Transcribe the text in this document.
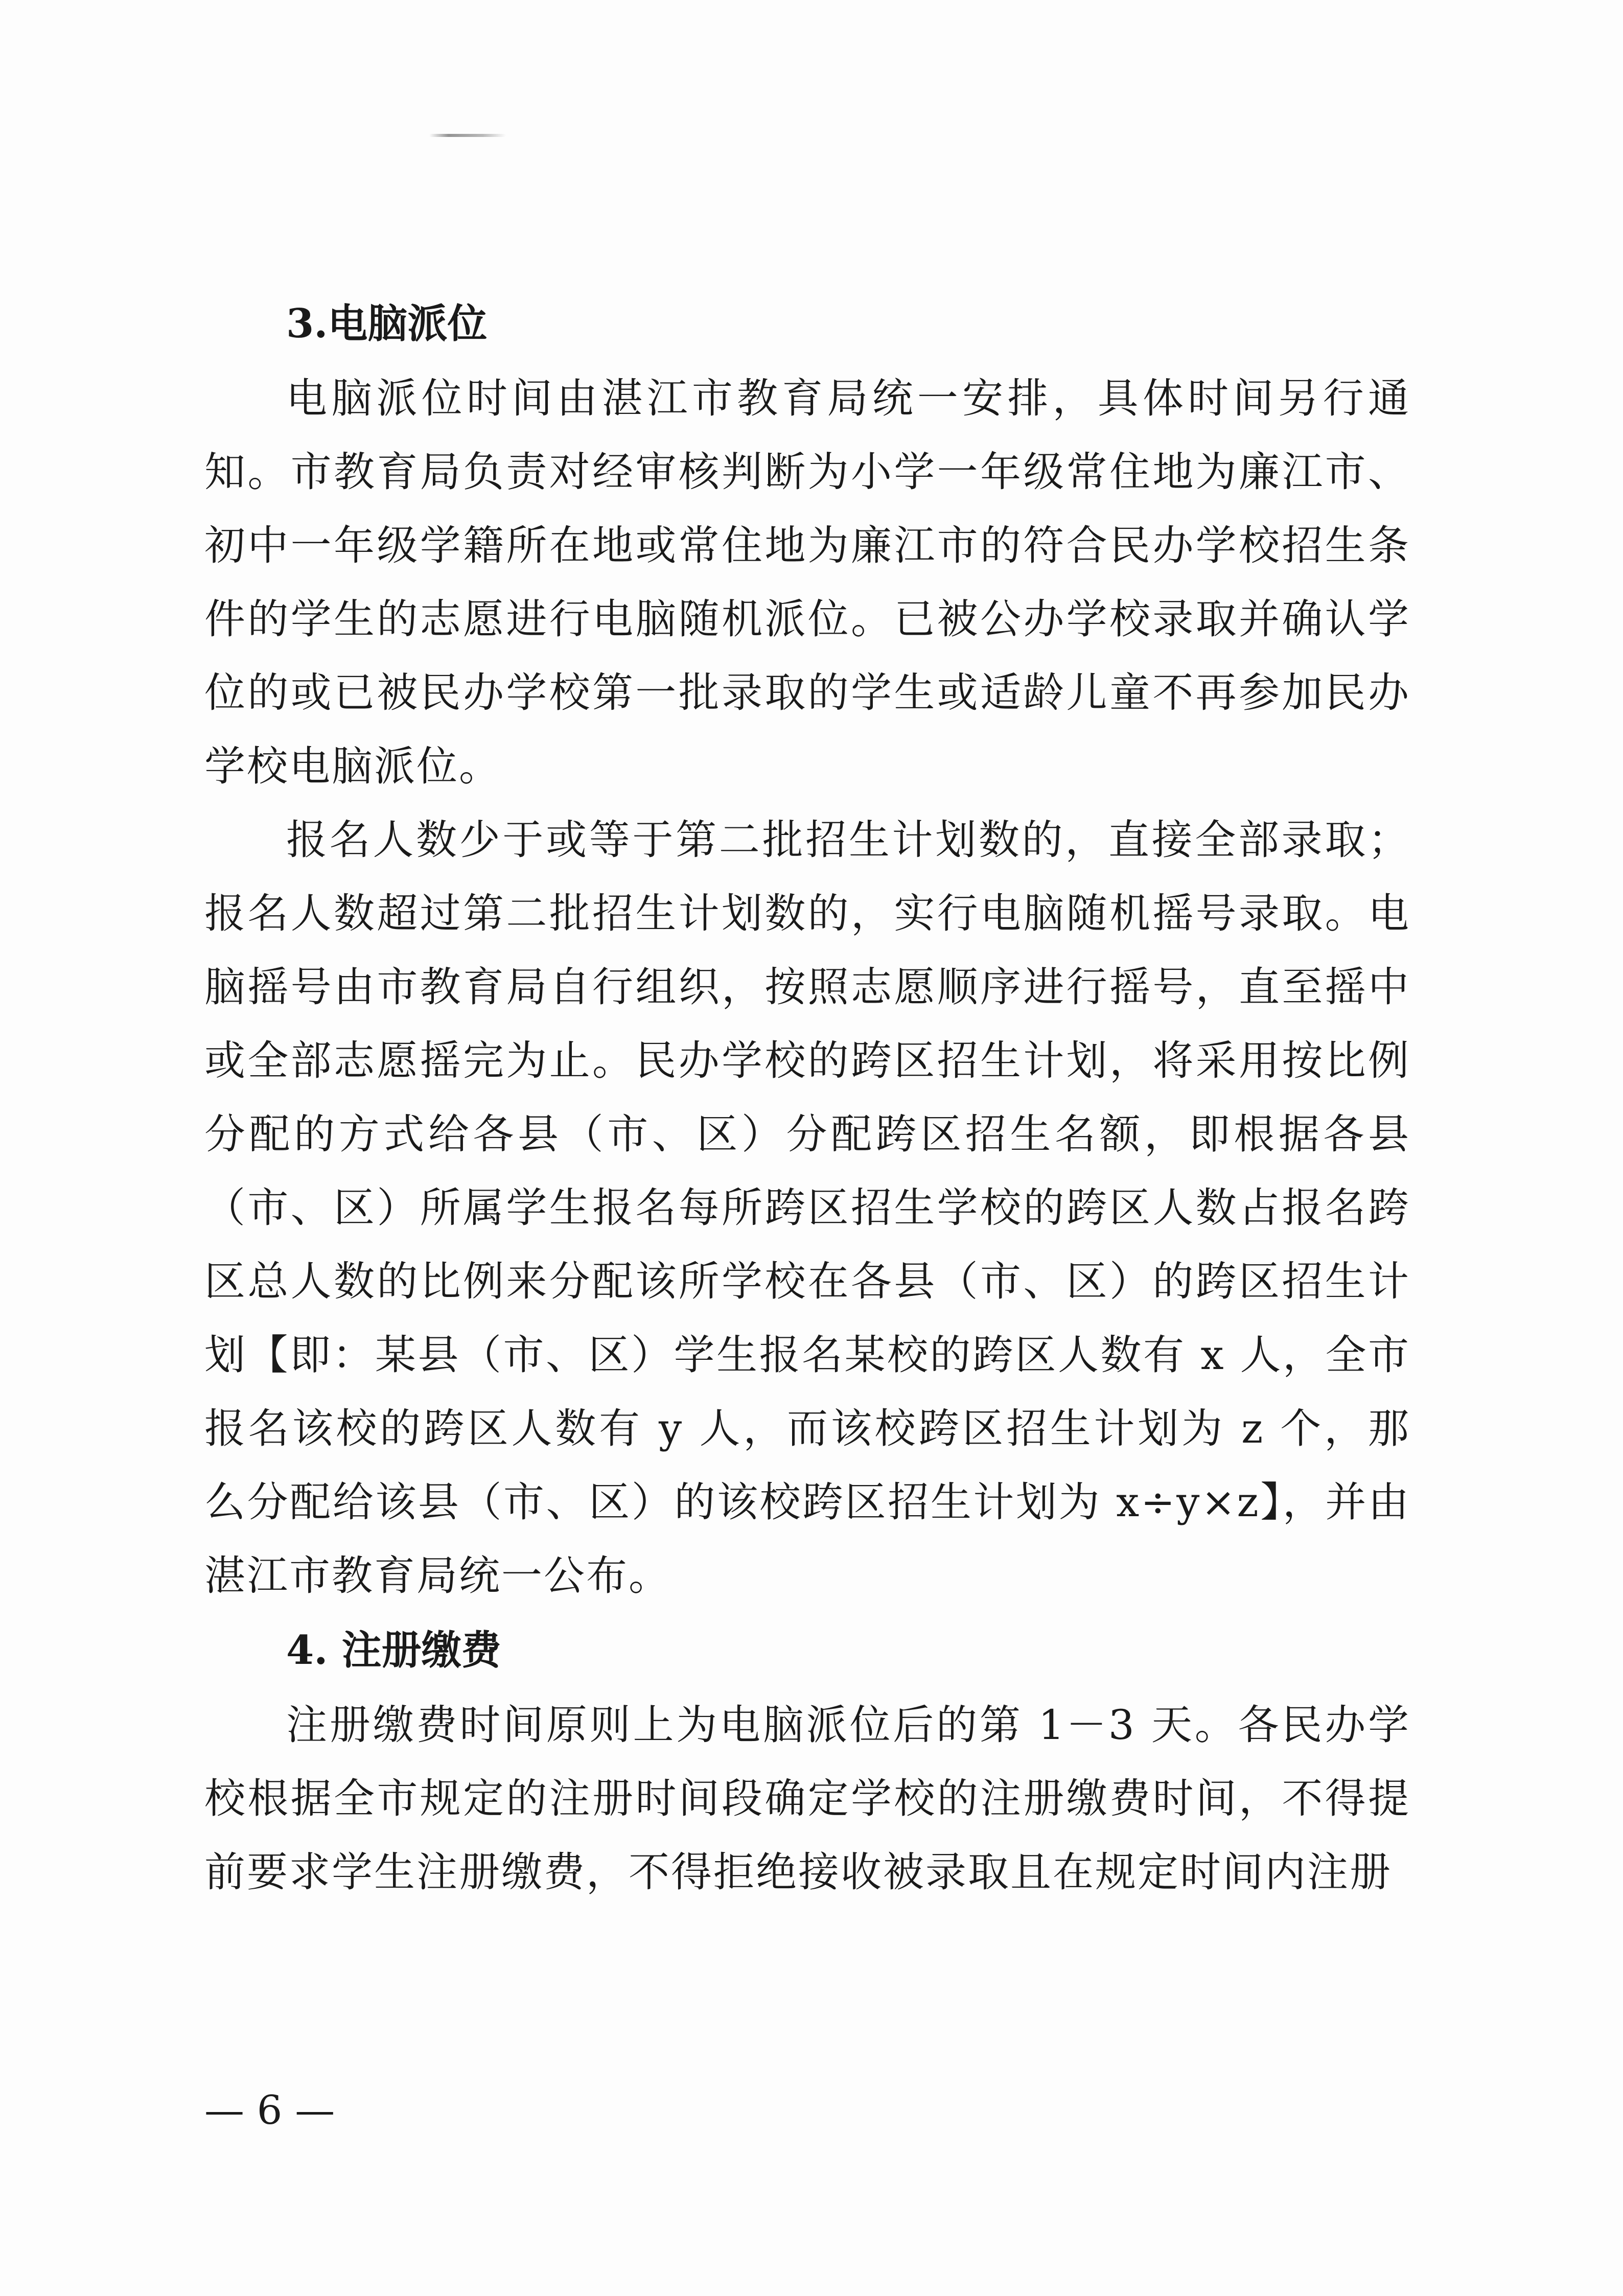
3.电脑派位

电脑派位时间由湛江市教育局统一安排，具体时间另行通知。市教育局负责对经审核判断为小学一年级常住地为廉江市、初中一年级学籍所在地或常住地为廉江市的符合民办学校招生条件的学生的志愿进行电脑随机派位。已被公办学校录取并确认学位的或已被民办学校第一批录取的学生或适龄儿童不再参加民办学校电脑派位。

报名人数少于或等于第二批招生计划数的，直接全部录取；报名人数超过第二批招生计划数的，实行电脑随机摇号录取。电脑摇号由市教育局自行组织，按照志愿顺序进行摇号，直至摇中或全部志愿摇完为止。民办学校的跨区招生计划，将采用按比例分配的方式给各县（市、区）分配跨区招生名额，即根据各县（市、区）所属学生报名每所跨区招生学校的跨区人数占报名跨区总人数的比例来分配该所学校在各县（市、区）的跨区招生计划【即：某县（市、区）学生报名某校的跨区人数有 x 人，全市报名该校的跨区人数有 y 人，而该校跨区招生计划为 z 个，那么分配给该县（市、区）的该校跨区招生计划为 x÷y×z】，并由湛江市教育局统一公布。

4. 注册缴费

注册缴费时间原则上为电脑派位后的第 1－3 天。各民办学校根据全市规定的注册时间段确定学校的注册缴费时间，不得提前要求学生注册缴费，不得拒绝接收被录取且在规定时间内注册

— 6 —
